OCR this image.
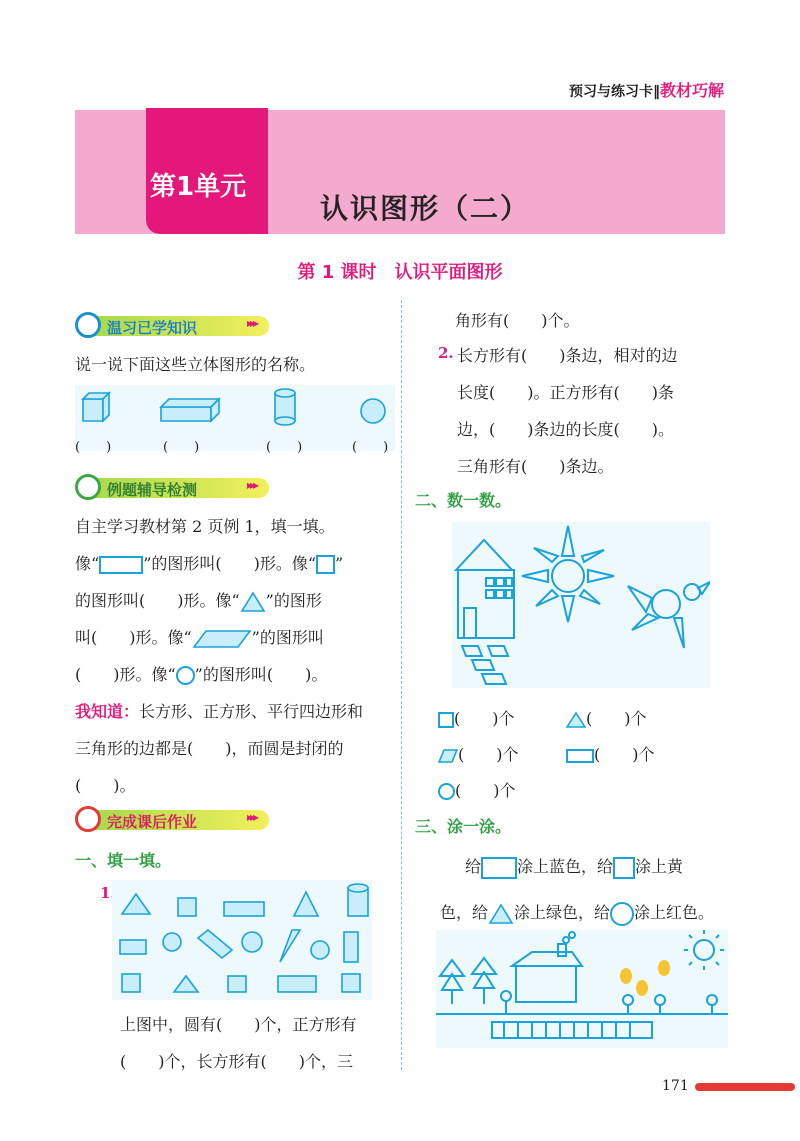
预习与练习卡‖教材巧解
第1单元
认识图形（二）
第 1 课时　认识平面图形
温习已学知识	▸▸▸
说一说下面这些立体图形的名称。
(　　)	(　　)	(　　)	(　　)
例题辅导检测	▸▸▸
自主学习教材第 2 页例 1，填一填。
像“	”的图形叫(　　)形。像“ ”
的图形叫(　　)形。像“ ”的图形
叫(　　)形。像“	”的图形叫
(　　)形。像“ ”的图形叫(　　)。
我知道：长方形、正方形、平行四边形和
三角形的边都是(　　)，而圆是封闭的
(　　)。
完成课后作业	▸▸▸
一、填一填。
1.
上图中，圆有(　　)个，正方形有
(　　)个，长方形有(　　)个，三
角形有(　　)个。
2. 长方形有(　　)条边，相对的边
长度(　　)。正方形有(　　)条
边，(　　)条边的长度(　　)。
三角形有(　　)条边。
二、数一数。
(　　)个	(　　)个
(　　)个	(　　)个
(　　)个
三、涂一涂。
给 涂上蓝色，给 涂上黄
色，给 涂上绿色，给 涂上红色。
171
